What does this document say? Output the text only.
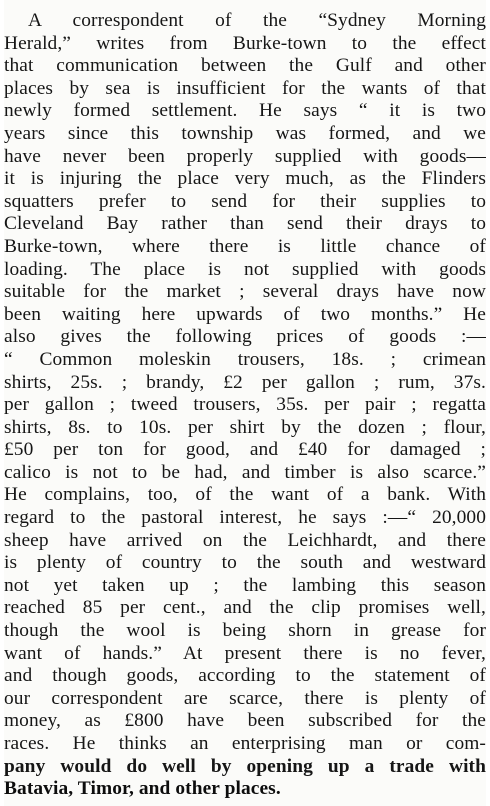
A correspondent of the “Sydney Morning
Herald,” writes from Burke-town to the effect
that communication between the Gulf and other
places by sea is insufficient for the wants of that
newly formed settlement. He says “ it is two
years since this township was formed, and we
have never been properly supplied with goods—
it is injuring the place very much, as the Flinders
squatters prefer to send for their supplies to
Cleveland Bay rather than send their drays to
Burke-town, where there is little chance of
loading. The place is not supplied with goods
suitable for the market ; several drays have now
been waiting here upwards of two months.” He
also gives the following prices of goods :—
“ Common moleskin trousers, 18s. ; crimean
shirts, 25s. ; brandy, £2 per gallon ; rum, 37s.
per gallon ; tweed trousers, 35s. per pair ; regatta
shirts, 8s. to 10s. per shirt by the dozen ; flour,
£50 per ton for good, and £40 for damaged ;
calico is not to be had, and timber is also scarce.”
He complains, too, of the want of a bank. With
regard to the pastoral interest, he says :—“ 20,000
sheep have arrived on the Leichhardt, and there
is plenty of country to the south and westward
not yet taken up ; the lambing this season
reached 85 per cent., and the clip promises well,
though the wool is being shorn in grease for
want of hands.” At present there is no fever,
and though goods, according to the statement of
our correspondent are scarce, there is plenty of
money, as £800 have been subscribed for the
races. He thinks an enterprising man or com-
pany would do well by opening up a trade with
Batavia, Timor, and other places.
